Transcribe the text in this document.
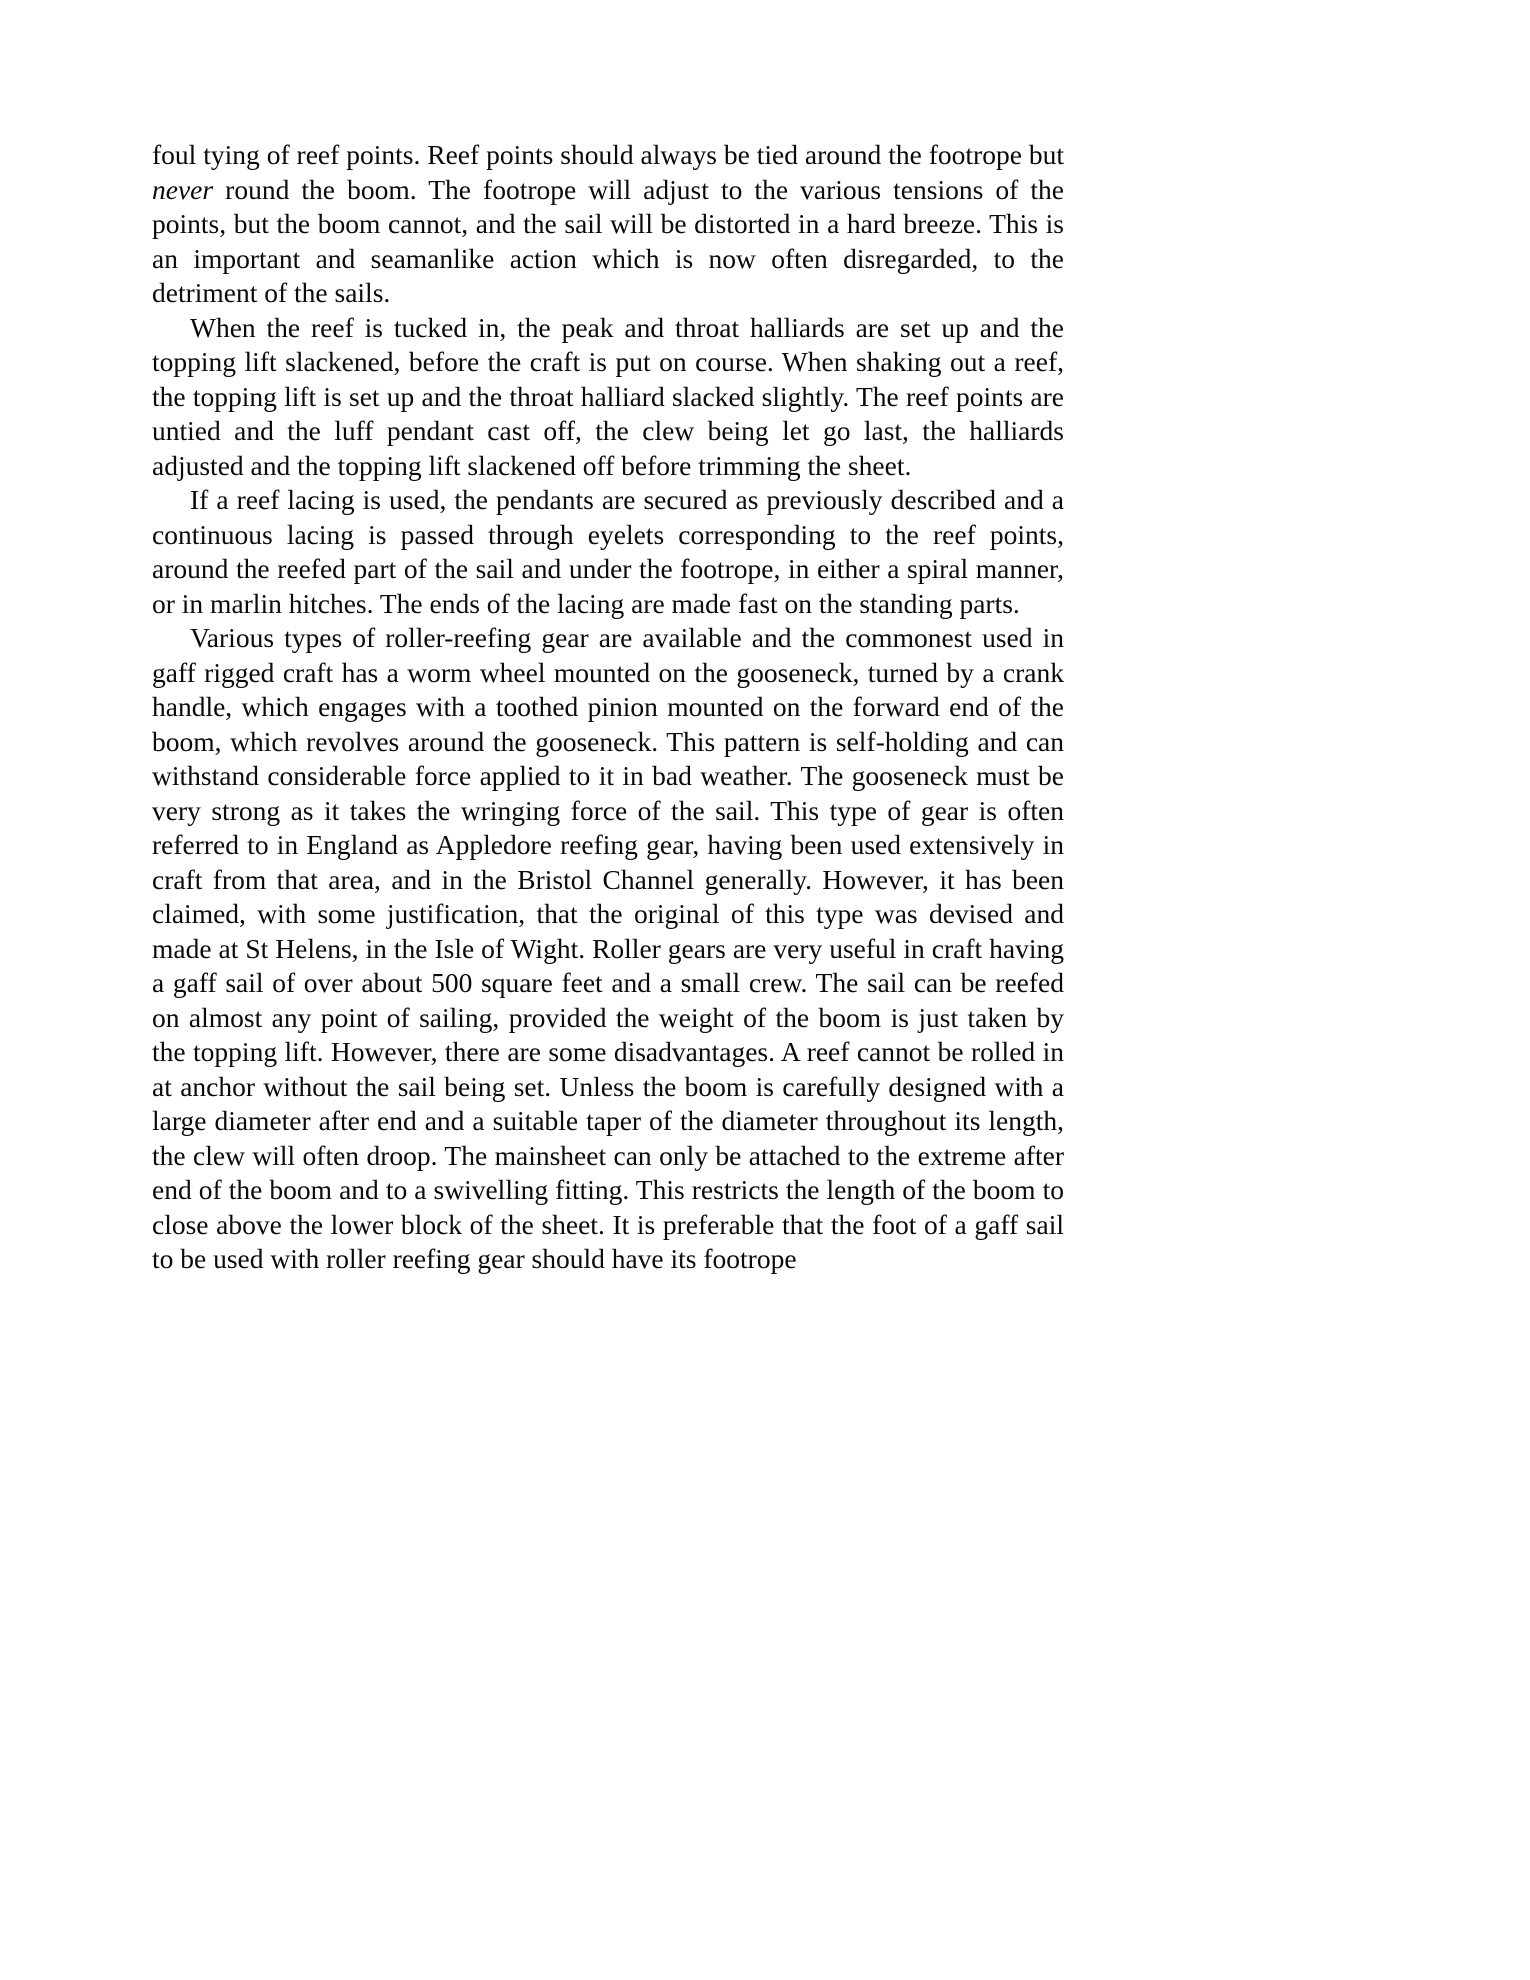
foul tying of reef points. Reef points should always be tied around the footrope but never round the boom. The footrope will adjust to the various tensions of the points, but the boom cannot, and the sail will be distorted in a hard breeze. This is an important and seamanlike action which is now often disregarded, to the detriment of the sails.

When the reef is tucked in, the peak and throat halliards are set up and the topping lift slackened, before the craft is put on course. When shaking out a reef, the topping lift is set up and the throat halliard slacked slightly. The reef points are untied and the luff pendant cast off, the clew being let go last, the halliards adjusted and the topping lift slackened off before trimming the sheet.

If a reef lacing is used, the pendants are secured as previously described and a continuous lacing is passed through eyelets corresponding to the reef points, around the reefed part of the sail and under the footrope, in either a spiral manner, or in marlin hitches. The ends of the lacing are made fast on the standing parts.

Various types of roller-reefing gear are available and the commonest used in gaff rigged craft has a worm wheel mounted on the gooseneck, turned by a crank handle, which engages with a toothed pinion mounted on the forward end of the boom, which revolves around the gooseneck. This pattern is self-holding and can withstand considerable force applied to it in bad weather. The gooseneck must be very strong as it takes the wringing force of the sail. This type of gear is often referred to in England as Appledore reefing gear, having been used extensively in craft from that area, and in the Bristol Channel generally. However, it has been claimed, with some justification, that the original of this type was devised and made at St Helens, in the Isle of Wight. Roller gears are very useful in craft having a gaff sail of over about 500 square feet and a small crew. The sail can be reefed on almost any point of sailing, provided the weight of the boom is just taken by the topping lift. However, there are some disadvantages. A reef cannot be rolled in at anchor without the sail being set. Unless the boom is carefully designed with a large diameter after end and a suitable taper of the diameter throughout its length, the clew will often droop. The mainsheet can only be attached to the extreme after end of the boom and to a swivelling fitting. This restricts the length of the boom to close above the lower block of the sheet. It is preferable that the foot of a gaff sail to be used with roller reefing gear should have its footrope
